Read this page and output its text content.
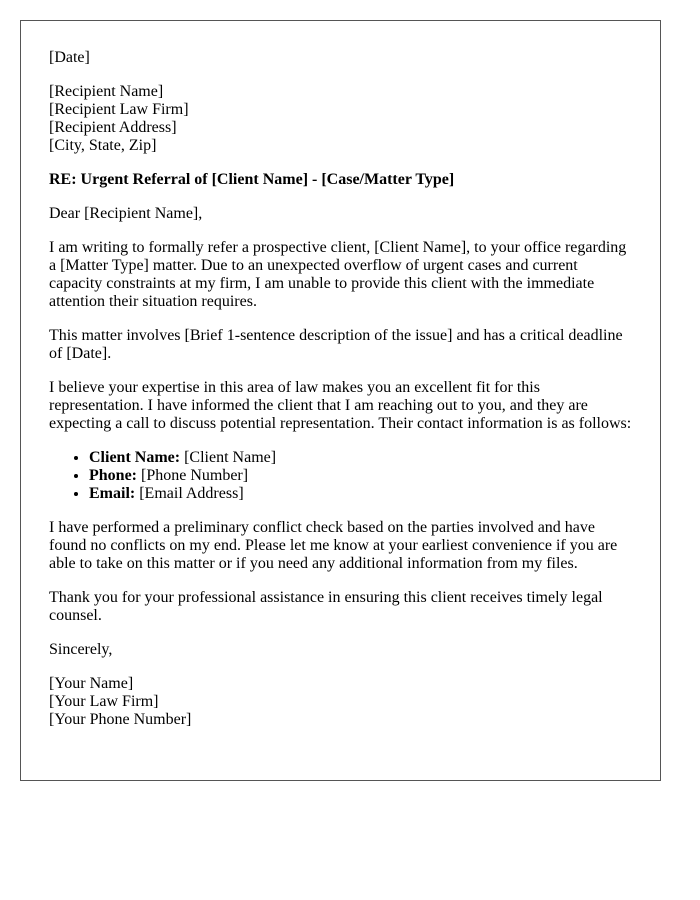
[Date]

[Recipient Name]

[Recipient Law Firm]

[Recipient Address]

[City, State, Zip]

RE: Urgent Referral of [Client Name] - [Case/Matter Type]

Dear [Recipient Name],

I am writing to formally refer a prospective client, [Client Name], to your office regarding a [Matter Type] matter. Due to an unexpected overflow of urgent cases and current capacity constraints at my firm, I am unable to provide this client with the immediate attention their situation requires.

This matter involves [Brief 1-sentence description of the issue] and has a critical deadline of [Date].

I believe your expertise in this area of law makes you an excellent fit for this representation. I have informed the client that I am reaching out to you, and they are expecting a call to discuss potential representation. Their contact information is as follows:

• Client Name: [Client Name]
• Phone: [Phone Number]
• Email: [Email Address]

I have performed a preliminary conflict check based on the parties involved and have found no conflicts on my end. Please let me know at your earliest convenience if you are able to take on this matter or if you need any additional information from my files.

Thank you for your professional assistance in ensuring this client receives timely legal counsel.

Sincerely,

[Your Name]

[Your Law Firm]

[Your Phone Number]
